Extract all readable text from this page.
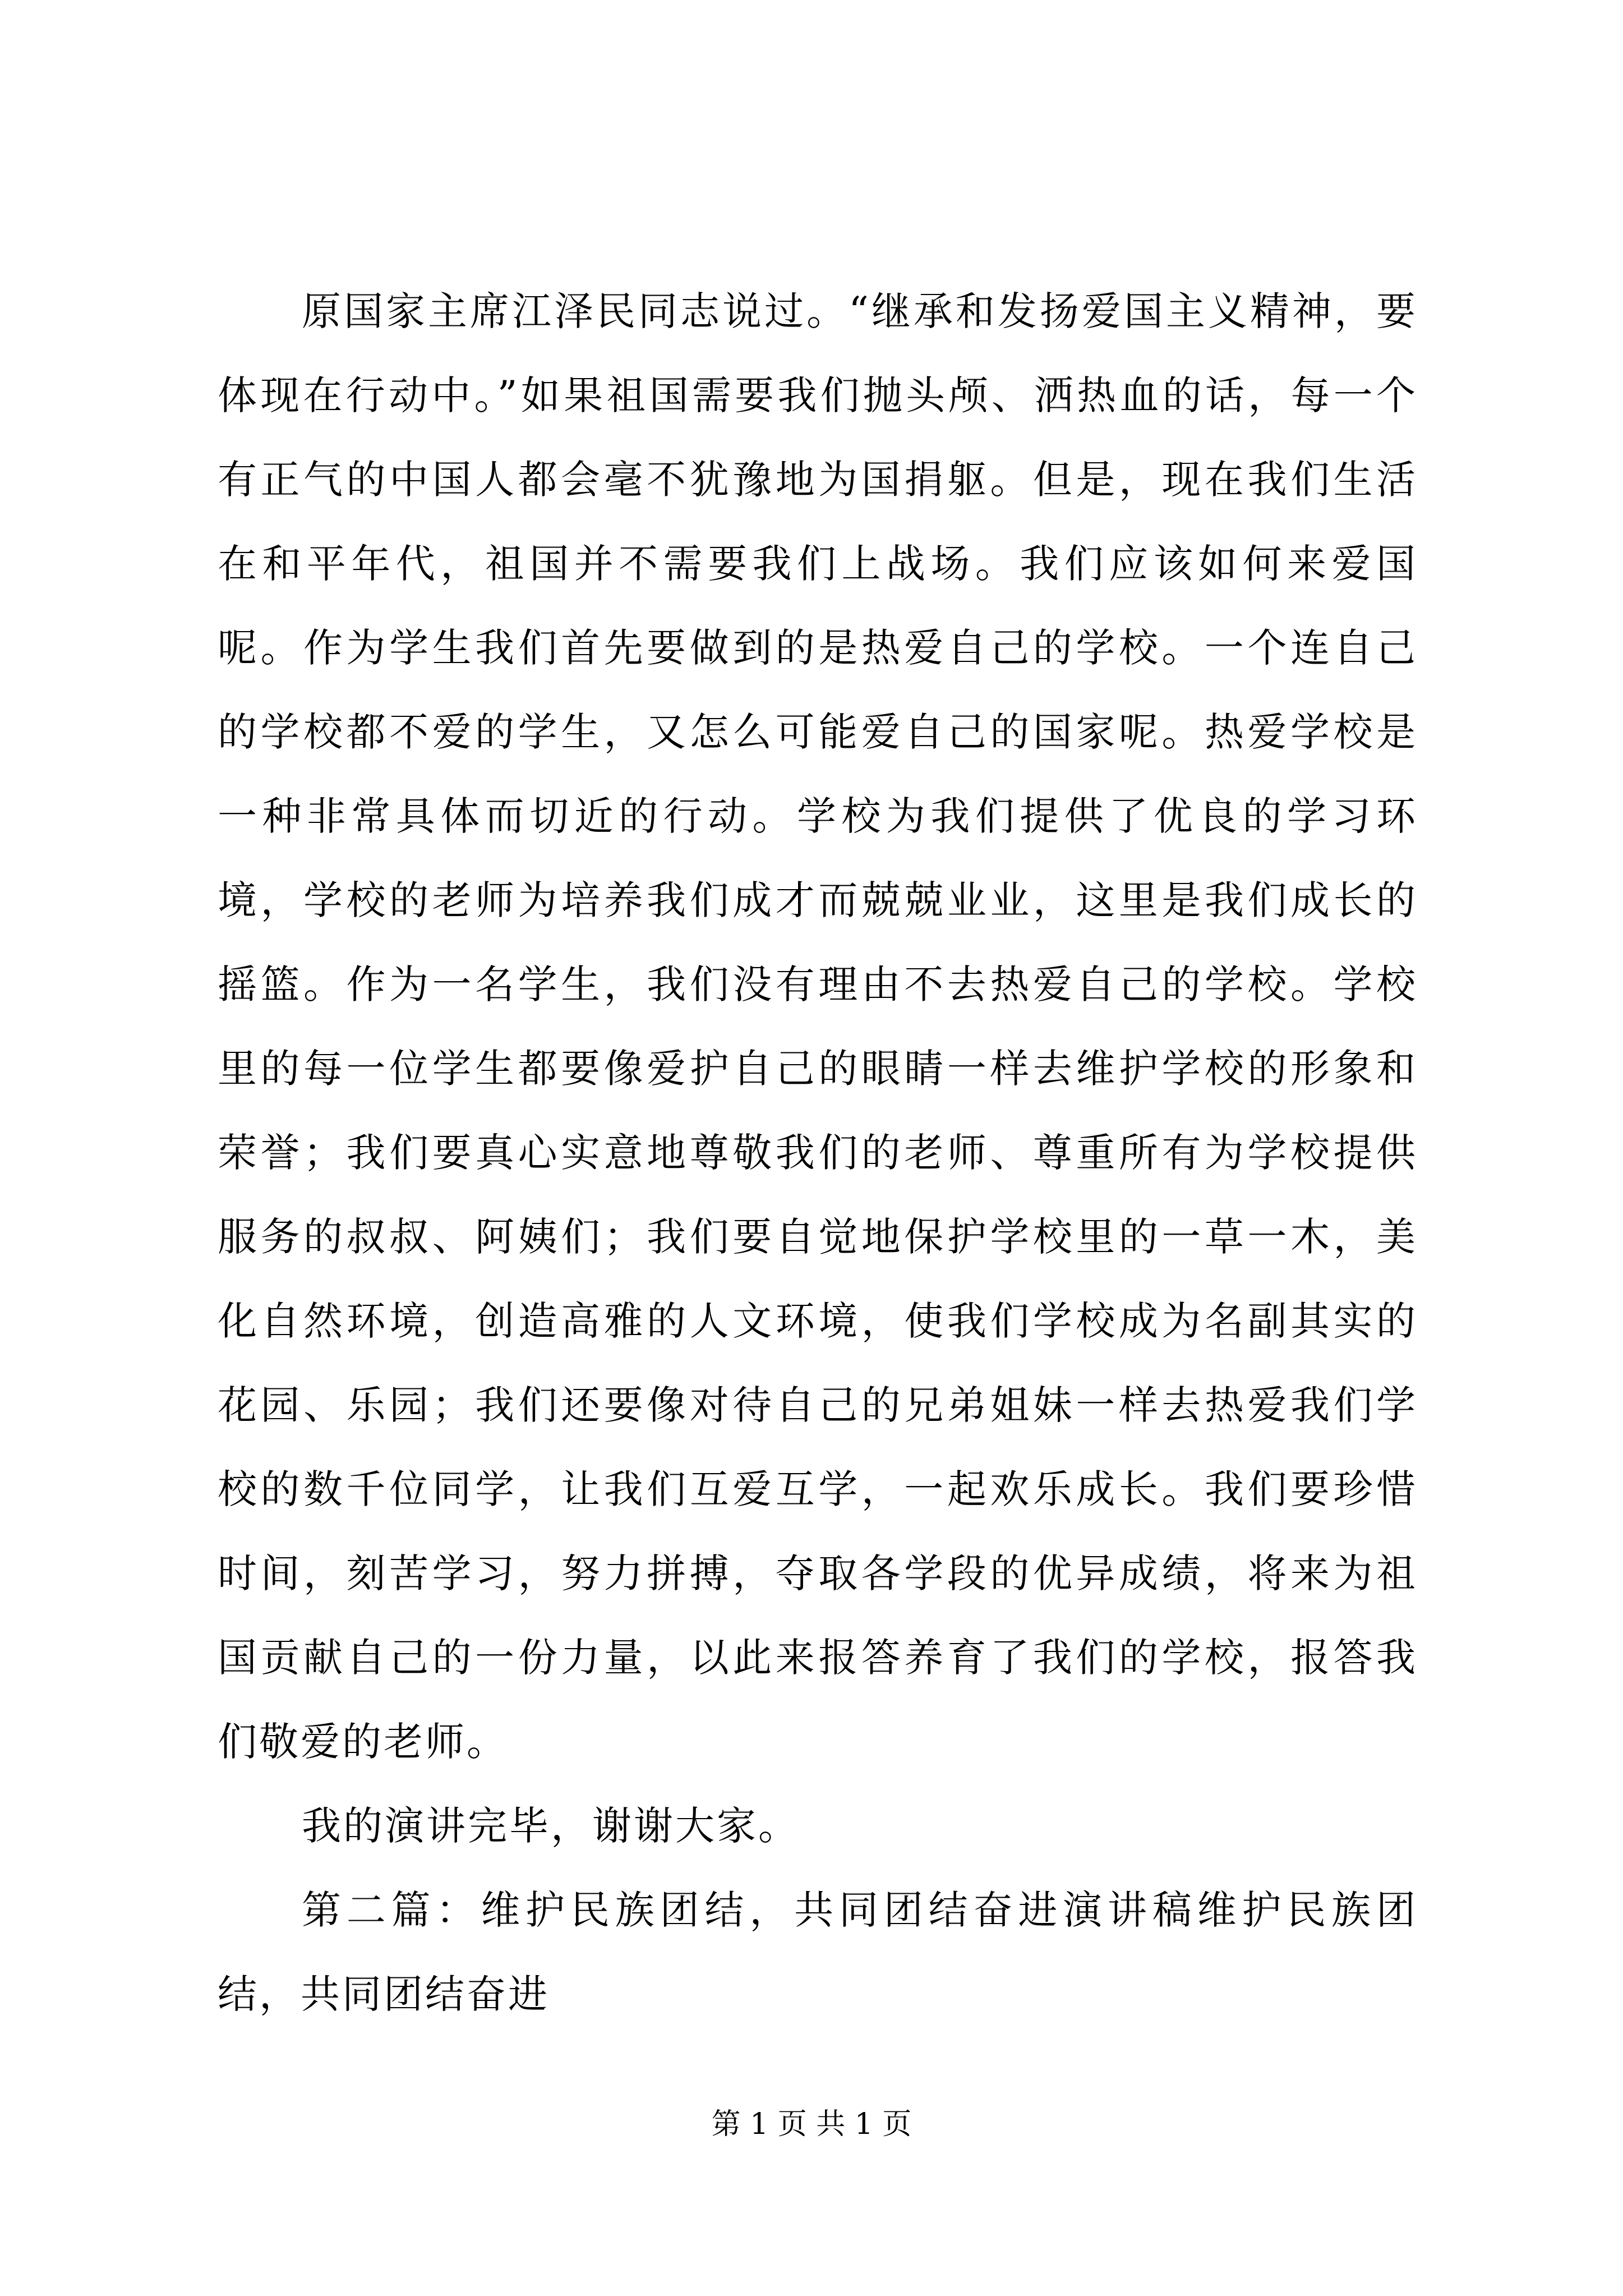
原国家主席江泽民同志说过。“继承和发扬爱国主义精神，要体现在行动中。”如果祖国需要我们抛头颅、洒热血的话，每一个有正气的中国人都会毫不犹豫地为国捐躯。但是，现在我们生活在和平年代，祖国并不需要我们上战场。我们应该如何来爱国呢。作为学生我们首先要做到的是热爱自己的学校。一个连自己的学校都不爱的学生，又怎么可能爱自己的国家呢。热爱学校是一种非常具体而切近的行动。学校为我们提供了优良的学习环境，学校的老师为培养我们成才而兢兢业业，这里是我们成长的摇篮。作为一名学生，我们没有理由不去热爱自己的学校。学校里的每一位学生都要像爱护自己的眼睛一样去维护学校的形象和荣誉；我们要真心实意地尊敬我们的老师、尊重所有为学校提供服务的叔叔、阿姨们；我们要自觉地保护学校里的一草一木，美化自然环境，创造高雅的人文环境，使我们学校成为名副其实的花园、乐园；我们还要像对待自己的兄弟姐妹一样去热爱我们学校的数千位同学，让我们互爱互学，一起欢乐成长。我们要珍惜时间，刻苦学习，努力拼搏，夺取各学段的优异成绩，将来为祖国贡献自己的一份力量，以此来报答养育了我们的学校，报答我们敬爱的老师。

我的演讲完毕，谢谢大家。

第二篇：维护民族团结，共同团结奋进演讲稿维护民族团结，共同团结奋进

第 1 页 共 1 页
